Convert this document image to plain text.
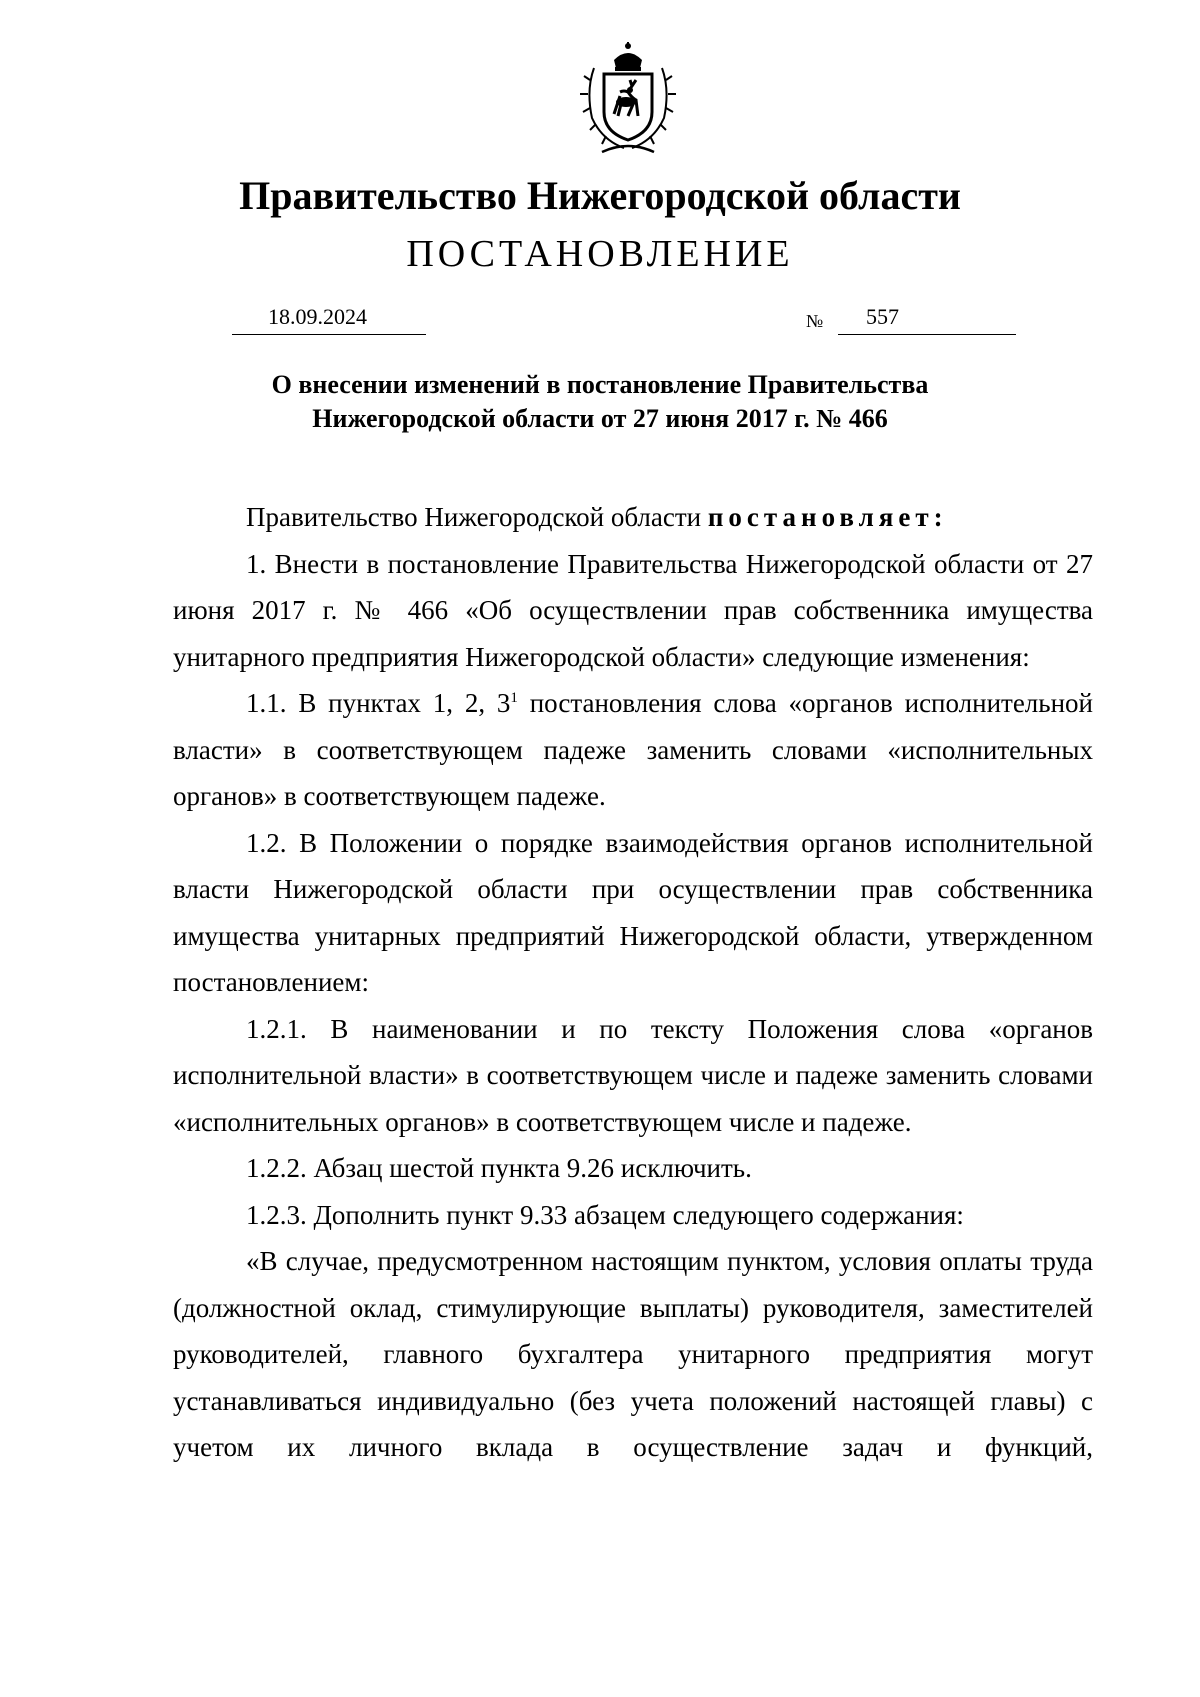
Правительство Нижегородской области
ПОСТАНОВЛЕНИЕ
18.09.2024	№ 557
О внесении изменений в постановление Правительства
Нижегородской области от 27 июня 2017 г. № 466

Правительство Нижегородской области постановляет:

1. Внести в постановление Правительства Нижегородской области от 27 июня 2017 г. № 466 «Об осуществлении прав собственника имущества унитарного предприятия Нижегородской области» следующие изменения:

1.1. В пунктах 1, 2, $3^1$ постановления слова «органов исполнительной власти» в соответствующем падеже заменить словами «исполнительных органов» в соответствующем падеже.

1.2. В Положении о порядке взаимодействия органов исполнительной власти Нижегородской области при осуществлении прав собственника имущества унитарных предприятий Нижегородской области, утвержденном постановлением:

1.2.1. В наименовании и по тексту Положения слова «органов исполнительной власти» в соответствующем числе и падеже заменить словами «исполнительных органов» в соответствующем числе и падеже.

1.2.2. Абзац шестой пункта 9.26 исключить.

1.2.3. Дополнить пункт 9.33 абзацем следующего содержания:

«В случае, предусмотренном настоящим пунктом, условия оплаты труда (должностной оклад, стимулирующие выплаты) руководителя, заместителей руководителей, главного бухгалтера унитарного предприятия могут устанавливаться индивидуально (без учета положений настоящей главы) с учетом их личного вклада в осуществление задач и функций,
